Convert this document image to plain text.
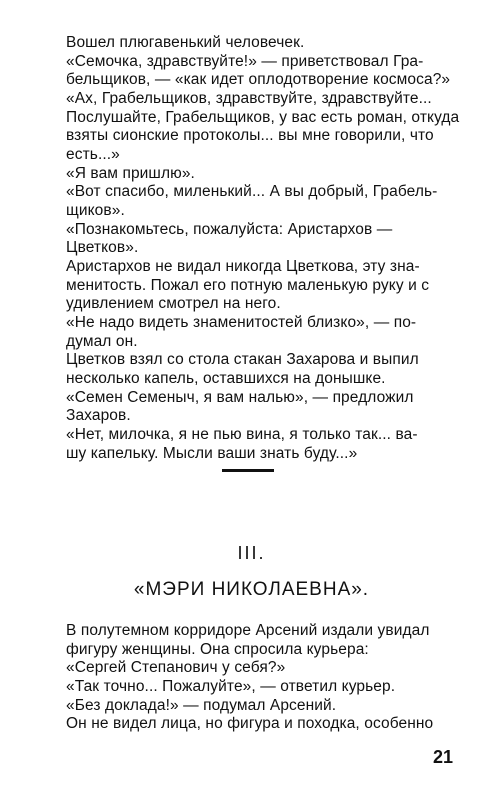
Вошел плюгавенький человечек.
«Семочка, здравствуйте!» — приветствовал Гра-
бельщиков, — «как идет оплодотворение космоса?»
«Ах, Грабельщиков, здравствуйте, здравствуйте...
Послушайте, Грабельщиков, у вас есть роман, откуда
взяты сионские протоколы... вы мне говорили, что
есть...»
«Я вам пришлю».
«Вот спасибо, миленький... А вы добрый, Грабель-
щиков».
«Познакомьтесь, пожалуйста: Аристархов —
Цветков».
Аристархов не видал никогда Цветкова, эту зна-
менитость. Пожал его потную маленькую руку и с
удивлением смотрел на него.
«Не надо видеть знаменитостей близко», — по-
думал он.
Цветков взял со стола стакан Захарова и выпил
несколько капель, оставшихся на донышке.
«Семен Семеныч, я вам налью», — предложил
Захаров.
«Нет, милочка, я не пью вина, я только так... ва-
шу капельку. Мысли ваши знать буду...»
III.
«МЭРИ НИКОЛАЕВНА».
В полутемном корридоре Арсений издали увидал
фигуру женщины. Она спросила курьера:
«Сергей Степанович у себя?»
«Так точно... Пожалуйте», — ответил курьер.
«Без доклада!» — подумал Арсений.
Он не видел лица, но фигура и походка, особенно
21
